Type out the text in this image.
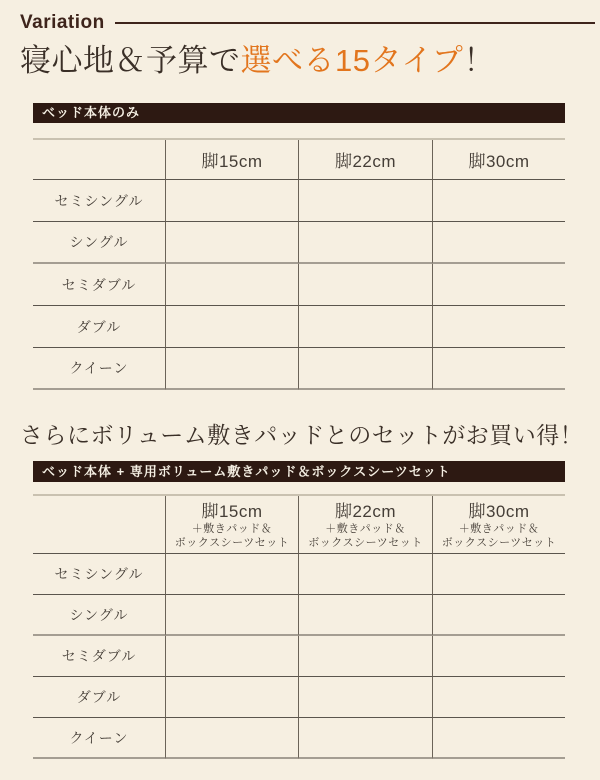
Variation
寝心地＆予算で選べる15タイプ！
ベッド本体のみ
脚15cm	脚22cm	脚30cm
セミシングル
シングル
セミダブル
ダブル
クイーン
さらにボリューム敷きパッドとのセットがお買い得！
ベッド本体 + 専用ボリューム敷きパッド＆ボックスシーツセット
脚15cm
＋敷きパッド＆
ボックスシーツセット
脚22cm
＋敷きパッド＆
ボックスシーツセット
脚30cm
＋敷きパッド＆
ボックスシーツセット
セミシングル
シングル
セミダブル
ダブル
クイーン
